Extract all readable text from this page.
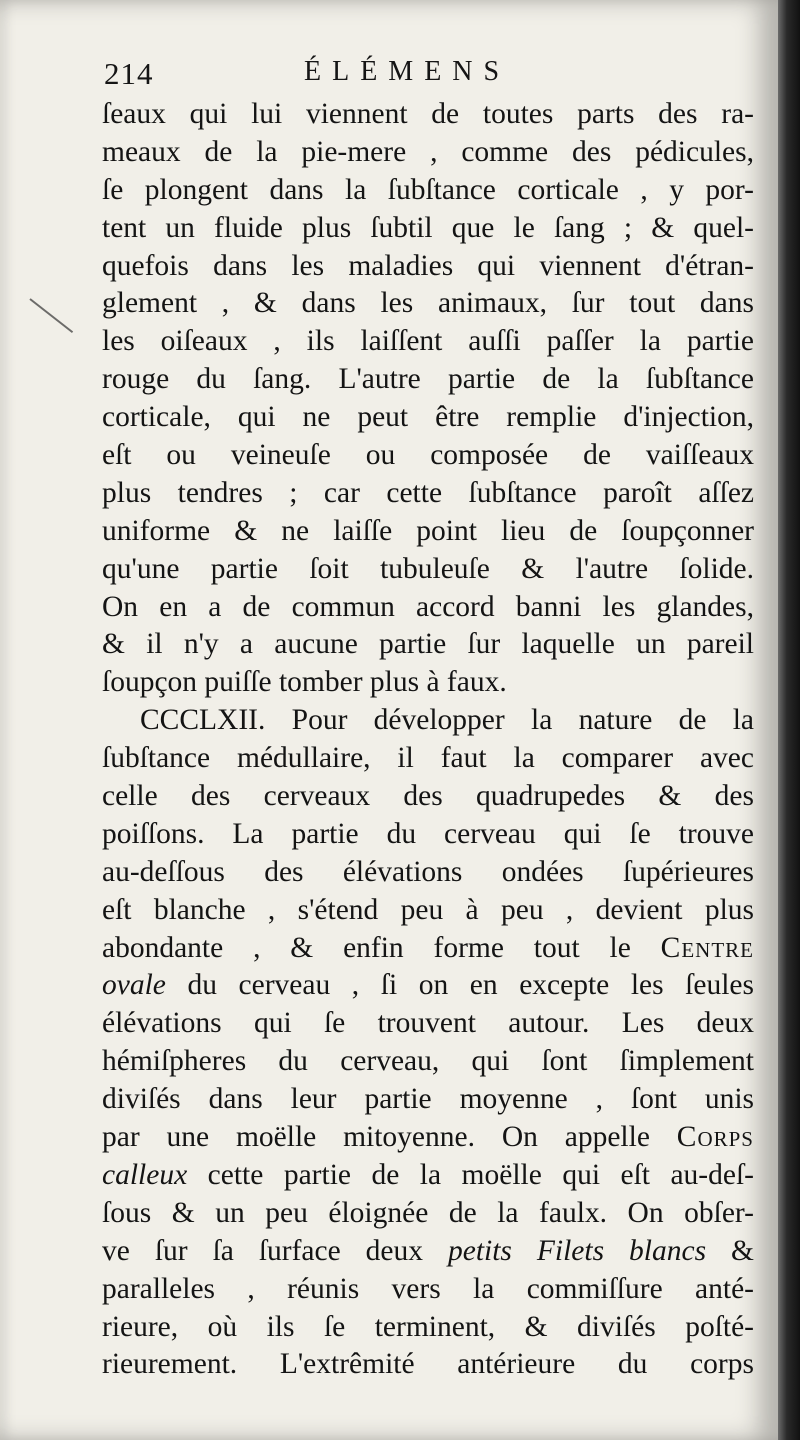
214	ÉLÉMENS
ſeaux qui lui viennent de toutes parts des ra-
meaux de la pie-mere , comme des pédicules,
ſe plongent dans la ſubſtance corticale , y por-
tent un fluide plus ſubtil que le ſang ; & quel-
quefois dans les maladies qui viennent d'étran-
glement , & dans les animaux, ſur tout dans
les oiſeaux , ils laiſſent auſſi paſſer la partie
rouge du ſang. L'autre partie de la ſubſtance
corticale, qui ne peut être remplie d'injection,
eſt ou veineuſe ou composée de vaiſſeaux
plus tendres ; car cette ſubſtance paroît aſſez
uniforme & ne laiſſe point lieu de ſoupçonner
qu'une partie ſoit tubuleuſe & l'autre ſolide.
On en a de commun accord banni les glandes,
& il n'y a aucune partie ſur laquelle un pareil
ſoupçon puiſſe tomber plus à faux.
CCCLXII. Pour développer la nature de la
ſubſtance médullaire, il faut la comparer avec
celle des cerveaux des quadrupedes & des
poiſſons. La partie du cerveau qui ſe trouve
au-deſſous des élévations ondées ſupérieures
eſt blanche , s'étend peu à peu , devient plus
abondante , & enfin forme tout le Centre
ovale du cerveau , ſi on en excepte les ſeules
élévations qui ſe trouvent autour. Les deux
hémiſpheres du cerveau, qui ſont ſimplement
diviſés dans leur partie moyenne , ſont unis
par une moëlle mitoyenne. On appelle Corps
calleux cette partie de la moëlle qui eſt au-deſ-
ſous & un peu éloignée de la faulx. On obſer-
ve ſur ſa ſurface deux petits Filets blancs &
paralleles , réunis vers la commiſſure anté-
rieure, où ils ſe terminent, & diviſés poſté-
rieurement. L'extrêmité antérieure du corps
